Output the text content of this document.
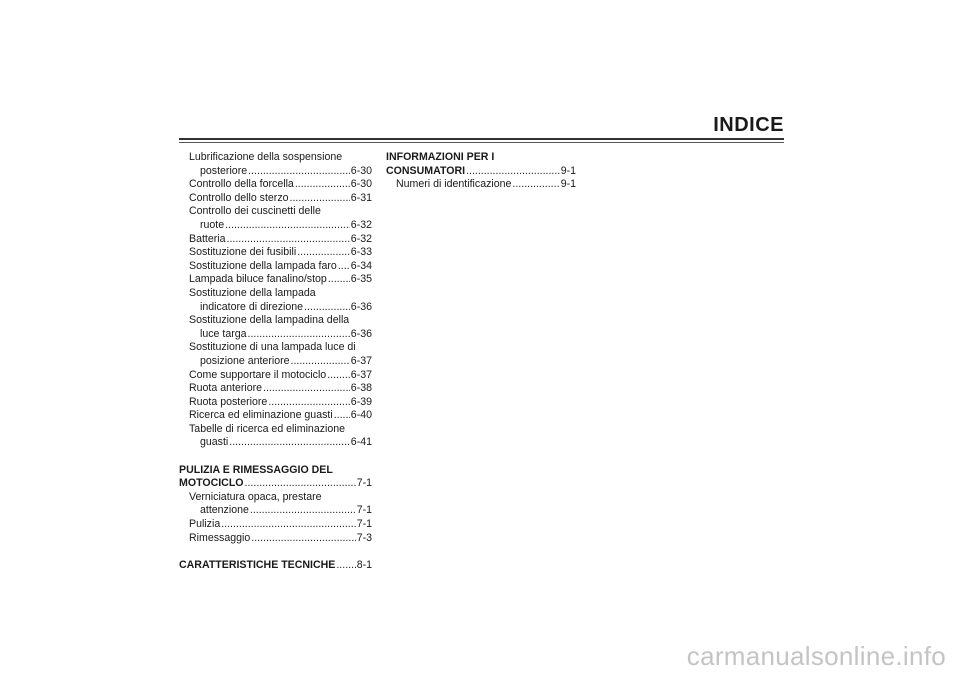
INDICE
Lubrificazione della sospensione
posteriore .....	6-30
Controllo della forcella .....	6-30
Controllo dello sterzo .....	6-31
Controllo dei cuscinetti delle
ruote .....	6-32
Batteria .....	6-32
Sostituzione dei fusibili .....	6-33
Sostituzione della lampada faro ..... 6-34
Lampada biluce fanalino/stop ..... 6-35
Sostituzione della lampada
indicatore di direzione .....	6-36
Sostituzione della lampadina della
luce targa .....	6-36
Sostituzione di una lampada luce di
posizione anteriore .....	6-37
Come supportare il motociclo ..... 6-37
Ruota anteriore .....	6-38
Ruota posteriore .....	6-39
Ricerca ed eliminazione guasti ..... 6-40
Tabelle di ricerca ed eliminazione
guasti .....	6-41
PULIZIA E RIMESSAGGIO DEL
MOTOCICLO .....	7-1
Verniciatura opaca, prestare
attenzione .....	7-1
Pulizia .....	7-1
Rimessaggio .....	7-3
CARATTERISTICHE TECNICHE ..... 8-1
INFORMAZIONI PER I
CONSUMATORI .....	9-1
Numeri di identificazione .....	9-1
carmanualsonline.info
